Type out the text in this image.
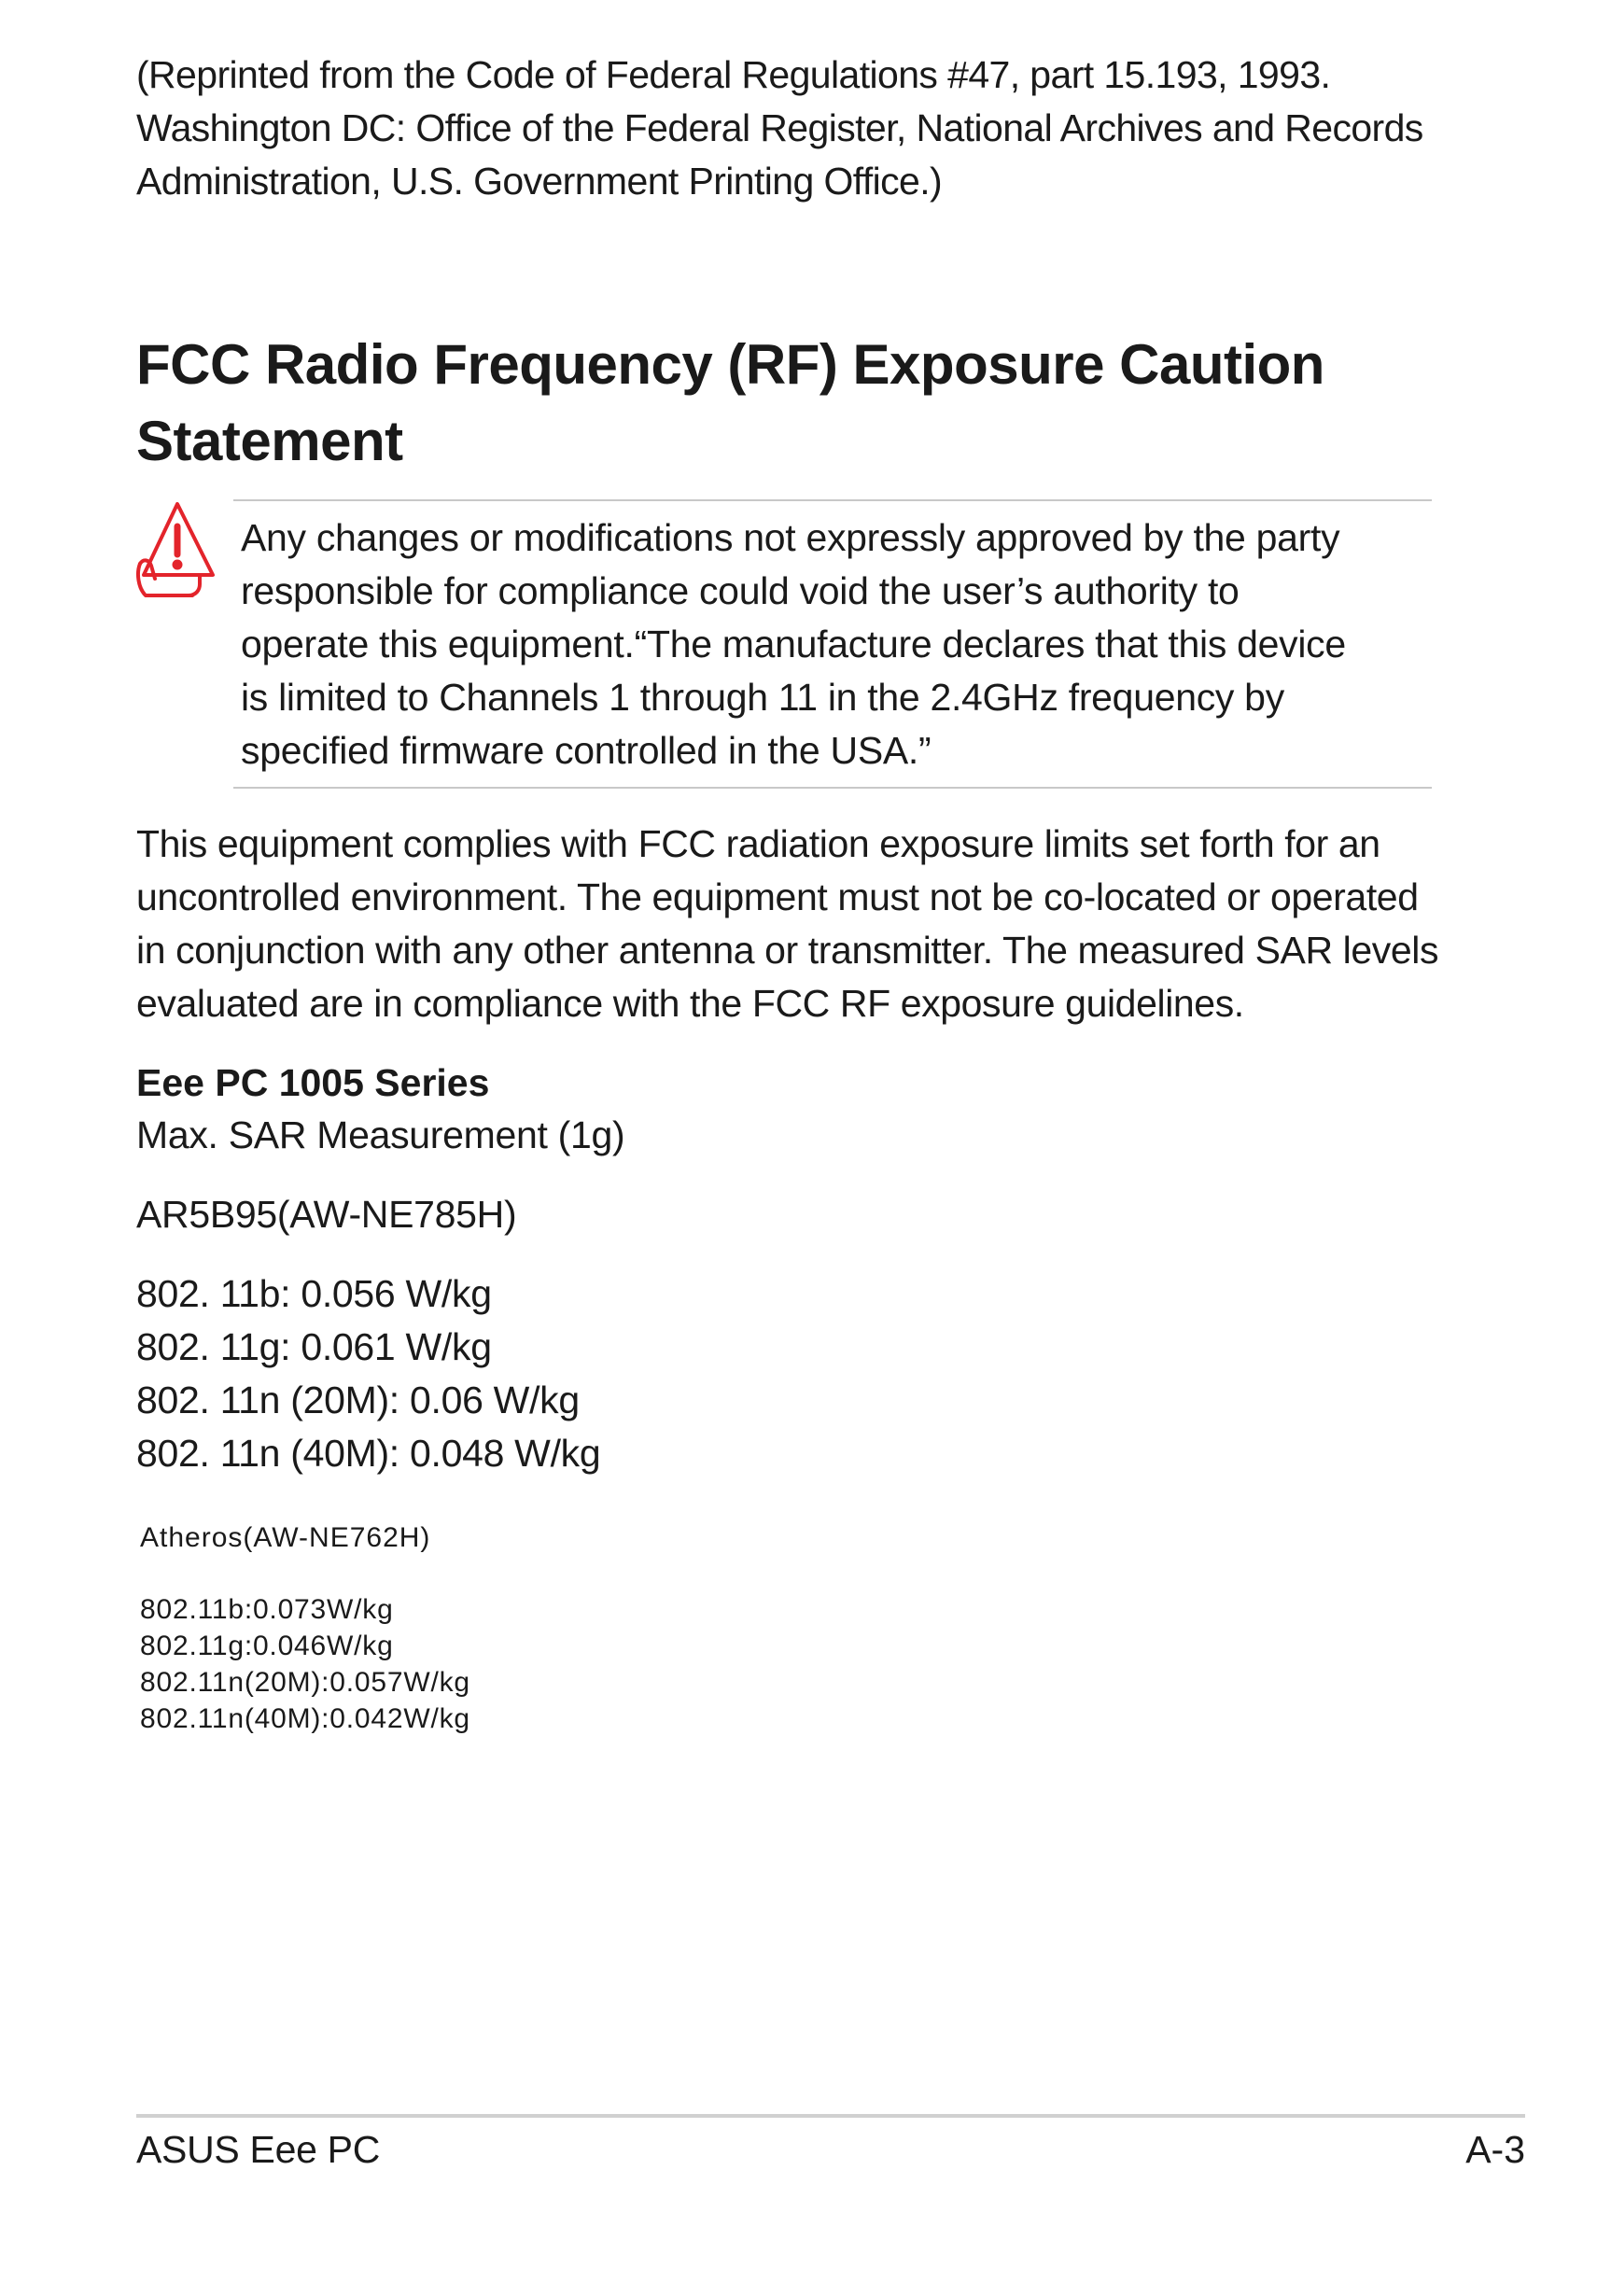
(Reprinted from the Code of Federal Regulations #47, part 15.193, 1993.
Washington DC: Office of the Federal Register, National Archives and Records
Administration, U.S. Government Printing Office.)

FCC Radio Frequency (RF) Exposure Caution
Statement

Any changes or modifications not expressly approved by the party
responsible for compliance could void the user’s authority to
operate this equipment.“The manufacture declares that this device
is limited to Channels 1 through 11 in the 2.4GHz frequency by
specified firmware controlled in the USA.”

This equipment complies with FCC radiation exposure limits set forth for an
uncontrolled environment. The equipment must not be co-located or operated
in conjunction with any other antenna or transmitter. The measured SAR levels
evaluated are in compliance with the FCC RF exposure guidelines.

Eee PC 1005 Series
Max. SAR Measurement (1g)
AR5B95(AW-NE785H)
802. 11b: 0.056 W/kg
802. 11g: 0.061 W/kg
802. 11n (20M): 0.06 W/kg
802. 11n (40M): 0.048 W/kg
Atheros(AW-NE762H)
802.11b:0.073W/kg
802.11g:0.046W/kg
802.11n(20M):0.057W/kg
802.11n(40M):0.042W/kg
ASUS Eee PC	A-3
